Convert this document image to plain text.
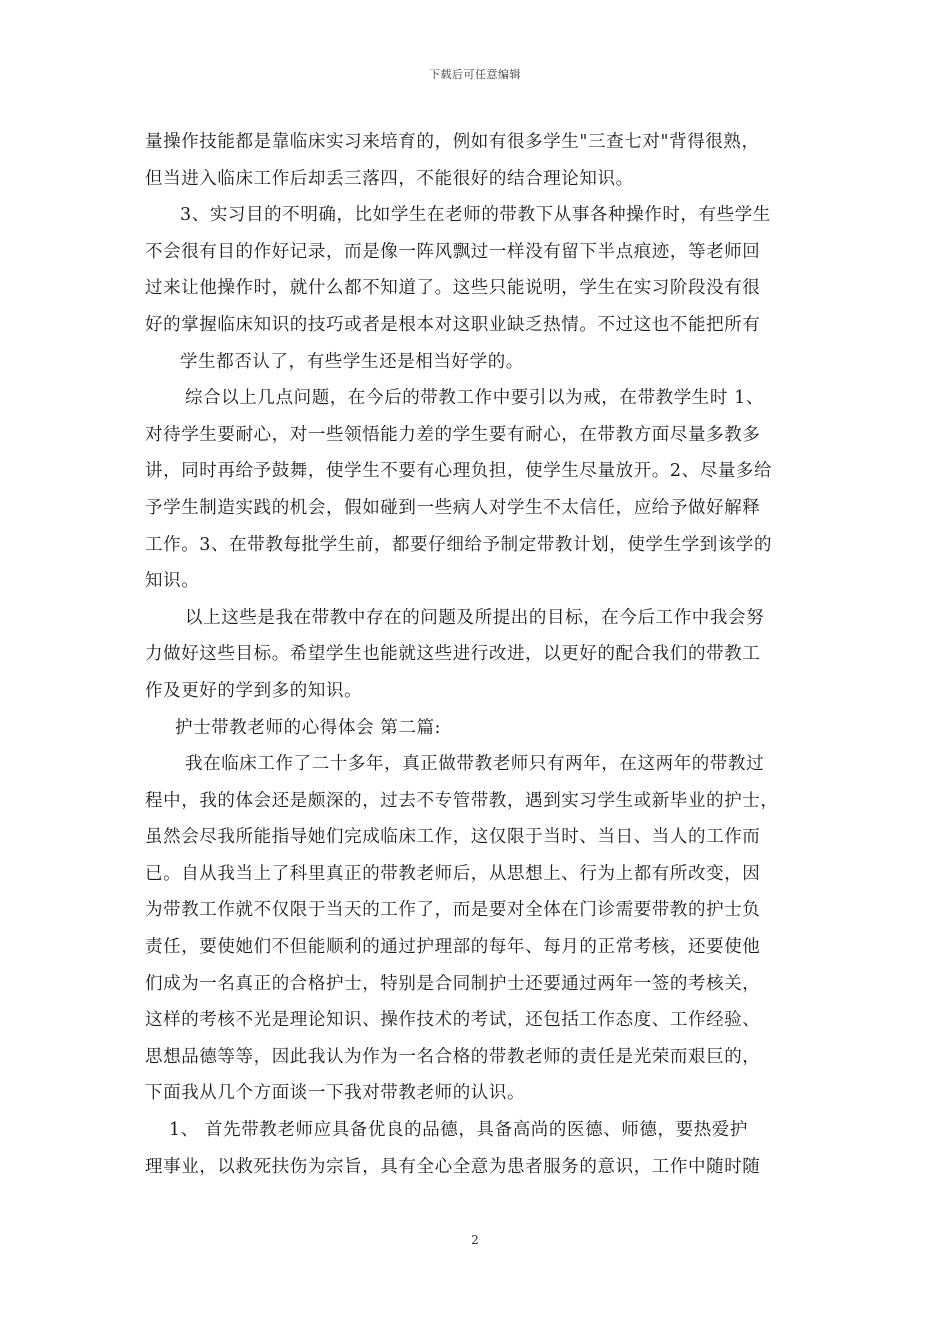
下载后可任意编辑
量操作技能都是靠临床实习来培育的，例如有很多学生"三查七对"背得很熟，
但当进入临床工作后却丢三落四，不能很好的结合理论知识。
3、实习目的不明确，比如学生在老师的带教下从事各种操作时，有些学生
不会很有目的作好记录，而是像一阵风飘过一样没有留下半点痕迹，等老师回
过来让他操作时，就什么都不知道了。这些只能说明，学生在实习阶段没有很
好的掌握临床知识的技巧或者是根本对这职业缺乏热情。不过这也不能把所有
学生都否认了，有些学生还是相当好学的。
综合以上几点问题，在今后的带教工作中要引以为戒，在带教学生时 1、
对待学生要耐心，对一些领悟能力差的学生要有耐心，在带教方面尽量多教多
讲，同时再给予鼓舞，使学生不要有心理负担，使学生尽量放开。2、尽量多给
予学生制造实践的机会，假如碰到一些病人对学生不太信任，应给予做好解释
工作。3、在带教每批学生前，都要仔细给予制定带教计划，使学生学到该学的
知识。
以上这些是我在带教中存在的问题及所提出的目标，在今后工作中我会努
力做好这些目标。希望学生也能就这些进行改进，以更好的配合我们的带教工
作及更好的学到多的知识。
护士带教老师的心得体会 第二篇:
我在临床工作了二十多年，真正做带教老师只有两年，在这两年的带教过
程中，我的体会还是颇深的，过去不专管带教，遇到实习学生或新毕业的护士，
虽然会尽我所能指导她们完成临床工作，这仅限于当时、当日、当人的工作而
已。自从我当上了科里真正的带教老师后，从思想上、行为上都有所改变，因
为带教工作就不仅限于当天的工作了，而是要对全体在门诊需要带教的护士负
责任，要使她们不但能顺利的通过护理部的每年、每月的正常考核，还要使他
们成为一名真正的合格护士，特别是合同制护士还要通过两年一签的考核关，
这样的考核不光是理论知识、操作技术的考试，还包括工作态度、工作经验、
思想品德等等，因此我认为作为一名合格的带教老师的责任是光荣而艰巨的，
下面我从几个方面谈一下我对带教老师的认识。
1、 首先带教老师应具备优良的品德，具备高尚的医德、师德，要热爱护
理事业，以救死扶伤为宗旨，具有全心全意为患者服务的意识，工作中随时随
2
